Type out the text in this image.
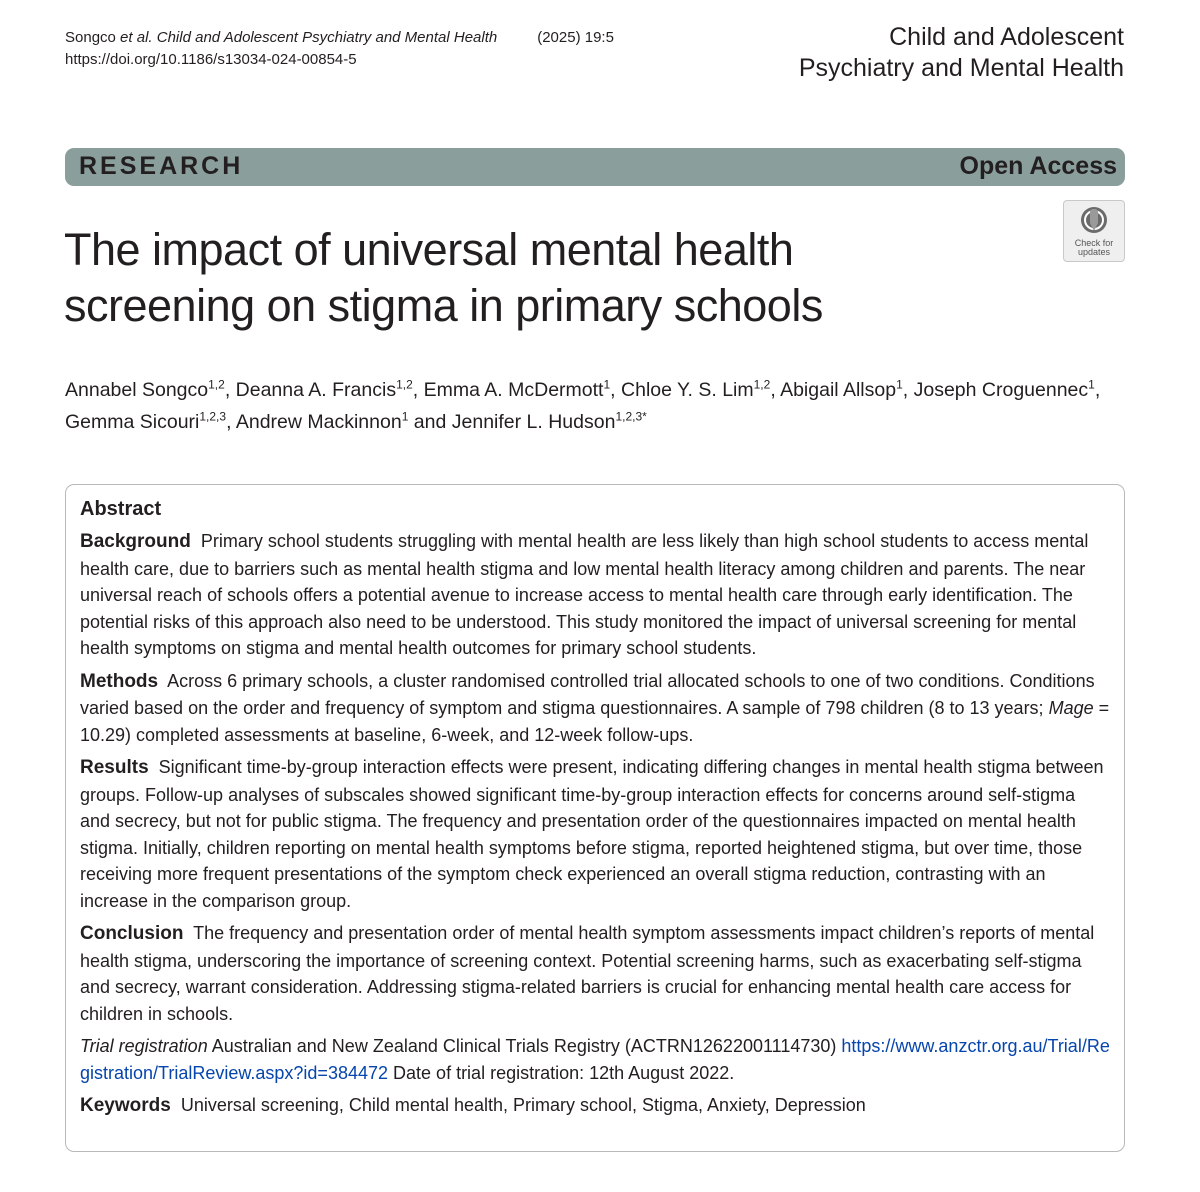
Songco et al. Child and Adolescent Psychiatry and Mental Health	(2025) 19:5
https://doi.org/10.1186/s13034-024-00854-5
Child and Adolescent
Psychiatry and Mental Health
RESEARCH	Open Access
Check for
updates
The impact of universal mental health screening on stigma in primary schools
Annabel Songco$^{1,2}$, Deanna A. Francis$^{1,2}$, Emma A. McDermott$^1$, Chloe Y. S. Lim$^{1,2}$, Abigail Allsop$^1$, Joseph Croguennec$^1$, Gemma Sicouri$^{1,2,3}$, Andrew Mackinnon$^1$ and Jennifer L. Hudson$^{1,2,3*}$
Abstract

Background Primary school students struggling with mental health are less likely than high school students to access mental health care, due to barriers such as mental health stigma and low mental health literacy among children and parents. The near universal reach of schools offers a potential avenue to increase access to mental health care through early identification. The potential risks of this approach also need to be understood. This study monitored the impact of universal screening for mental health symptoms on stigma and mental health outcomes for primary school students.

Methods Across 6 primary schools, a cluster randomised controlled trial allocated schools to one of two conditions. Conditions varied based on the order and frequency of symptom and stigma questionnaires. A sample of 798 children (8 to 13 years; Mage = 10.29) completed assessments at baseline, 6-week, and 12-week follow-ups.

Results Significant time-by-group interaction effects were present, indicating differing changes in mental health stigma between groups. Follow-up analyses of subscales showed significant time-by-group interaction effects for concerns around self-stigma and secrecy, but not for public stigma. The frequency and presentation order of the questionnaires impacted on mental health stigma. Initially, children reporting on mental health symptoms before stigma, reported heightened stigma, but over time, those receiving more frequent presentations of the symptom check experienced an overall stigma reduction, contrasting with an increase in the comparison group.

Conclusion The frequency and presentation order of mental health symptom assessments impact children’s reports of mental health stigma, underscoring the importance of screening context. Potential screening harms, such as exacerbating self-stigma and secrecy, warrant consideration. Addressing stigma-related barriers is crucial for enhancing mental health care access for children in schools.

Trial registration Australian and New Zealand Clinical Trials Registry (ACTRN12622001114730) https://www.anzctr.org.au/Trial/Registration/TrialReview.aspx?id=384472 Date of trial registration: 12th August 2022.

Keywords Universal screening, Child mental health, Primary school, Stigma, Anxiety, Depression
